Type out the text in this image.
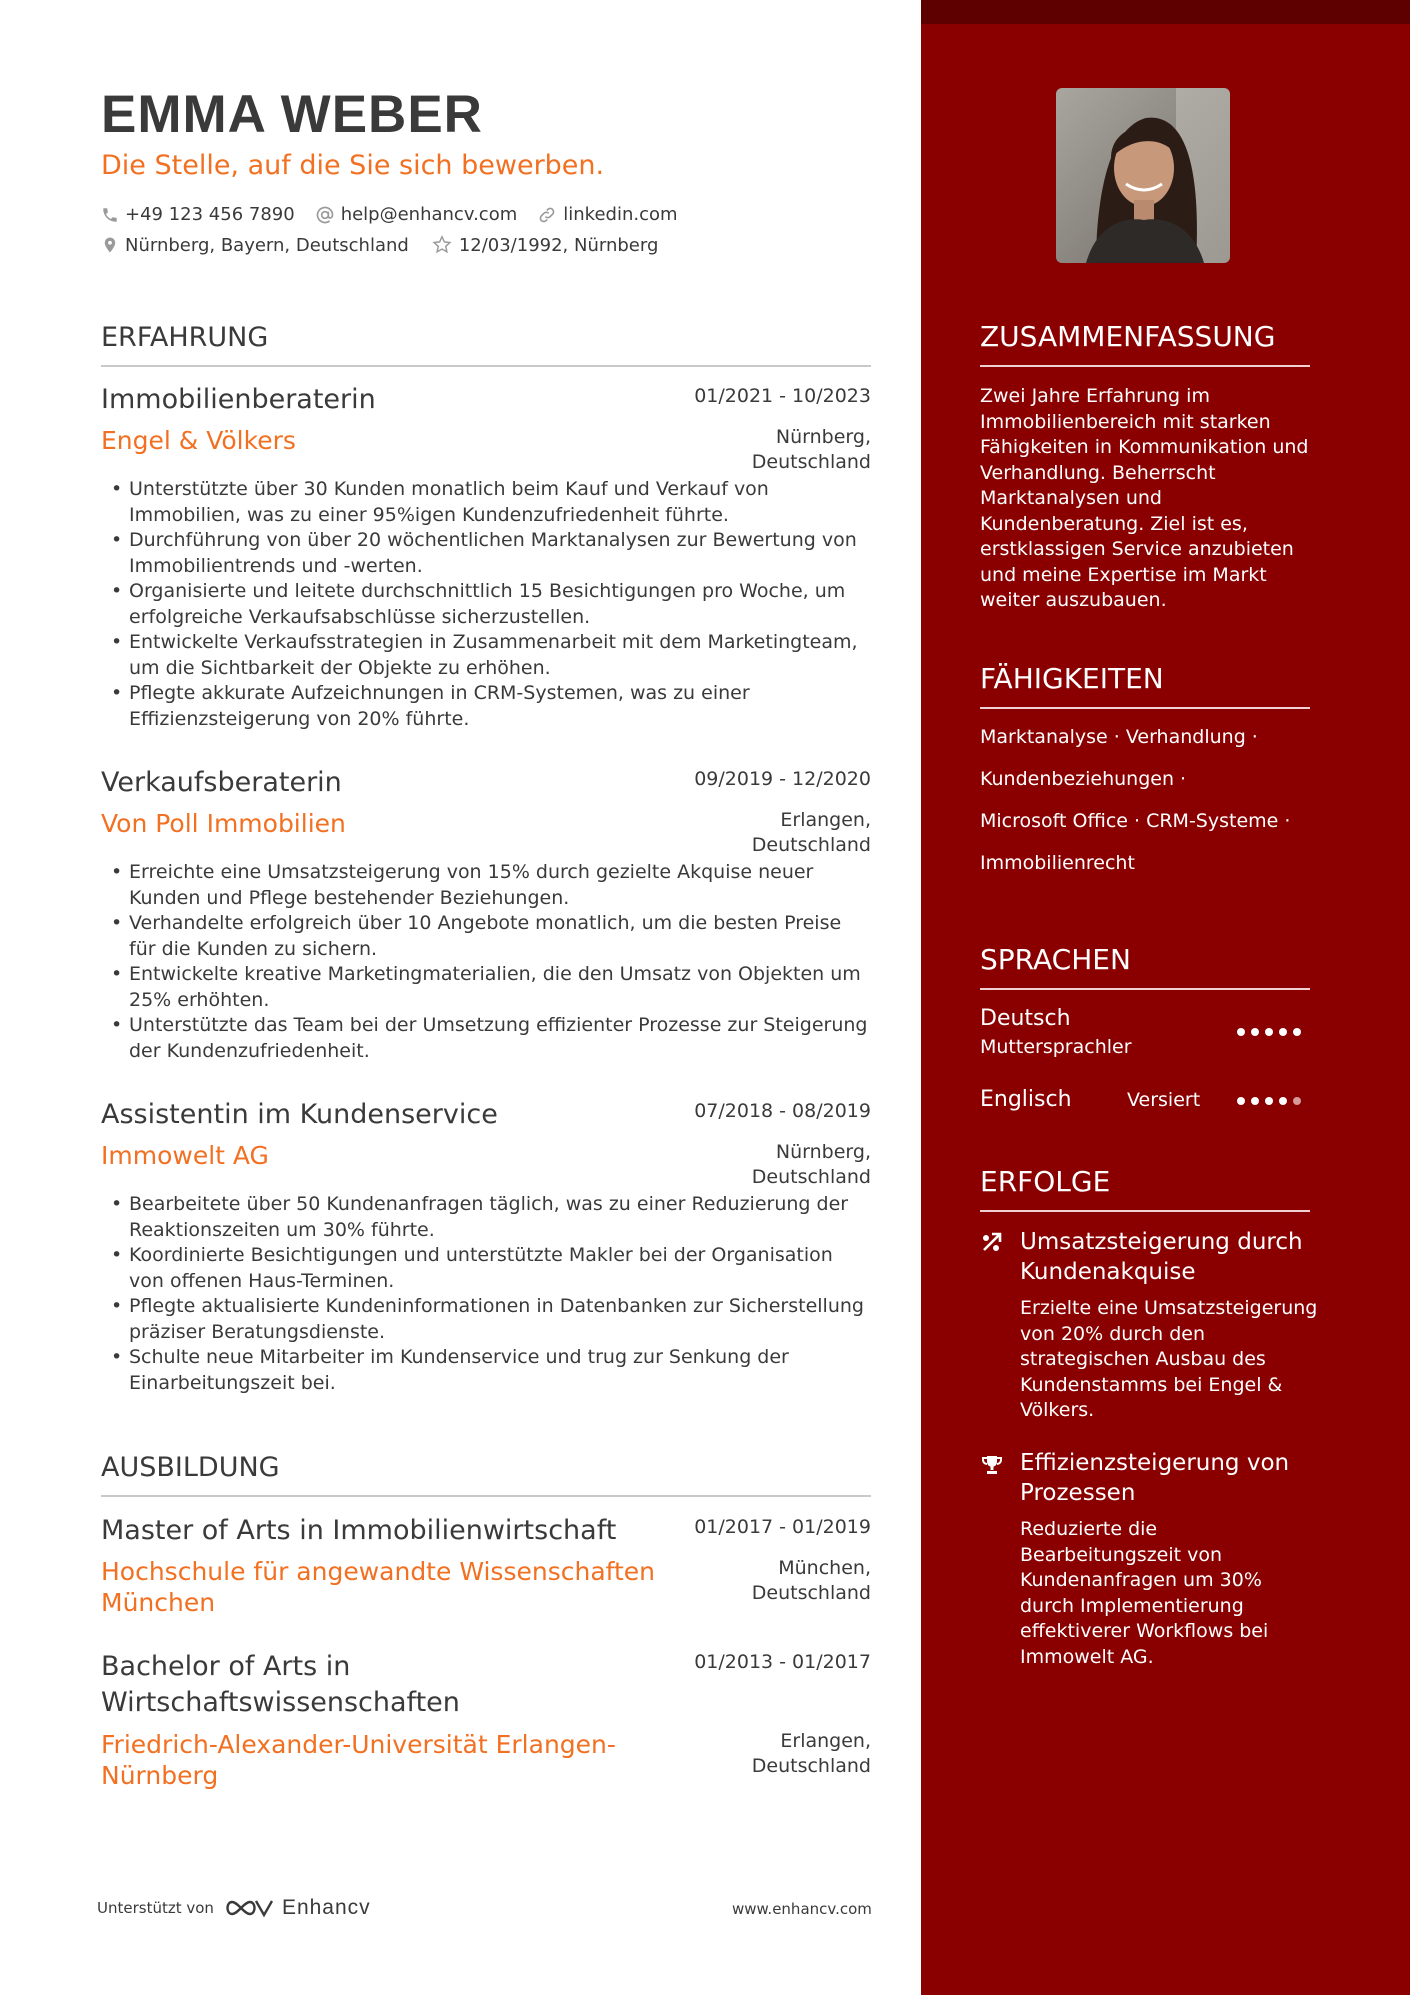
EMMA WEBER
Die Stelle, auf die Sie sich bewerben.
+49 123 456 7890	help@enhancv.com	linkedin.com
Nürnberg, Bayern, Deutschland	12/03/1992, Nürnberg
ERFAHRUNG
Immobilienberaterin	01/2021 - 10/2023
Engel & Völkers	Nürnberg,
Deutschland
• Unterstützte über 30 Kunden monatlich beim Kauf und Verkauf von Immobilien, was zu einer 95%igen Kundenzufriedenheit führte.
• Durchführung von über 20 wöchentlichen Marktanalysen zur Bewertung von Immobilientrends und -werten.
• Organisierte und leitete durchschnittlich 15 Besichtigungen pro Woche, um erfolgreiche Verkaufsabschlüsse sicherzustellen.
• Entwickelte Verkaufsstrategien in Zusammenarbeit mit dem Marketingteam, um die Sichtbarkeit der Objekte zu erhöhen.
• Pflegte akkurate Aufzeichnungen in CRM-Systemen, was zu einer Effizienzsteigerung von 20% führte.
Verkaufsberaterin	09/2019 - 12/2020
Von Poll Immobilien	Erlangen,
Deutschland
• Erreichte eine Umsatzsteigerung von 15% durch gezielte Akquise neuer Kunden und Pflege bestehender Beziehungen.
• Verhandelte erfolgreich über 10 Angebote monatlich, um die besten Preise für die Kunden zu sichern.
• Entwickelte kreative Marketingmaterialien, die den Umsatz von Objekten um 25% erhöhten.
• Unterstützte das Team bei der Umsetzung effizienter Prozesse zur Steigerung der Kundenzufriedenheit.
Assistentin im Kundenservice	07/2018 - 08/2019
Immowelt AG	Nürnberg,
Deutschland
• Bearbeitete über 50 Kundenanfragen täglich, was zu einer Reduzierung der Reaktionszeiten um 30% führte.
• Koordinierte Besichtigungen und unterstützte Makler bei der Organisation von offenen Haus-Terminen.
• Pflegte aktualisierte Kundeninformationen in Datenbanken zur Sicherstellung präziser Beratungsdienste.
• Schulte neue Mitarbeiter im Kundenservice und trug zur Senkung der Einarbeitungszeit bei.
AUSBILDUNG
Master of Arts in Immobilienwirtschaft	01/2017 - 01/2019
Hochschule für angewandte Wissenschaften München
München,
Deutschland
Bachelor of Arts in Wirtschaftswissenschaften
01/2013 - 01/2017
Friedrich-Alexander-Universität Erlangen-Nürnberg
Erlangen,
Deutschland
Unterstützt von	Enhancv	www.enhancv.com
ZUSAMMENFASSUNG
Zwei Jahre Erfahrung im Immobilienbereich mit starken Fähigkeiten in Kommunikation und Verhandlung. Beherrscht Marktanalysen und Kundenberatung. Ziel ist es, erstklassigen Service anzubieten und meine Expertise im Markt weiter auszubauen.
FÄHIGKEITEN
Marktanalyse · Verhandlung ·
Kundenbeziehungen ·
Microsoft Office · CRM-Systeme ·
Immobilienrecht
SPRACHEN
Deutsch
Muttersprachler
Englisch	Versiert
ERFOLGE
Umsatzsteigerung durch Kundenakquise
Erzielte eine Umsatzsteigerung von 20% durch den strategischen Ausbau des Kundenstamms bei Engel & Völkers.
Effizienzsteigerung von Prozessen
Reduzierte die Bearbeitungszeit von Kundenanfragen um 30% durch Implementierung effektiverer Workflows bei Immowelt AG.
